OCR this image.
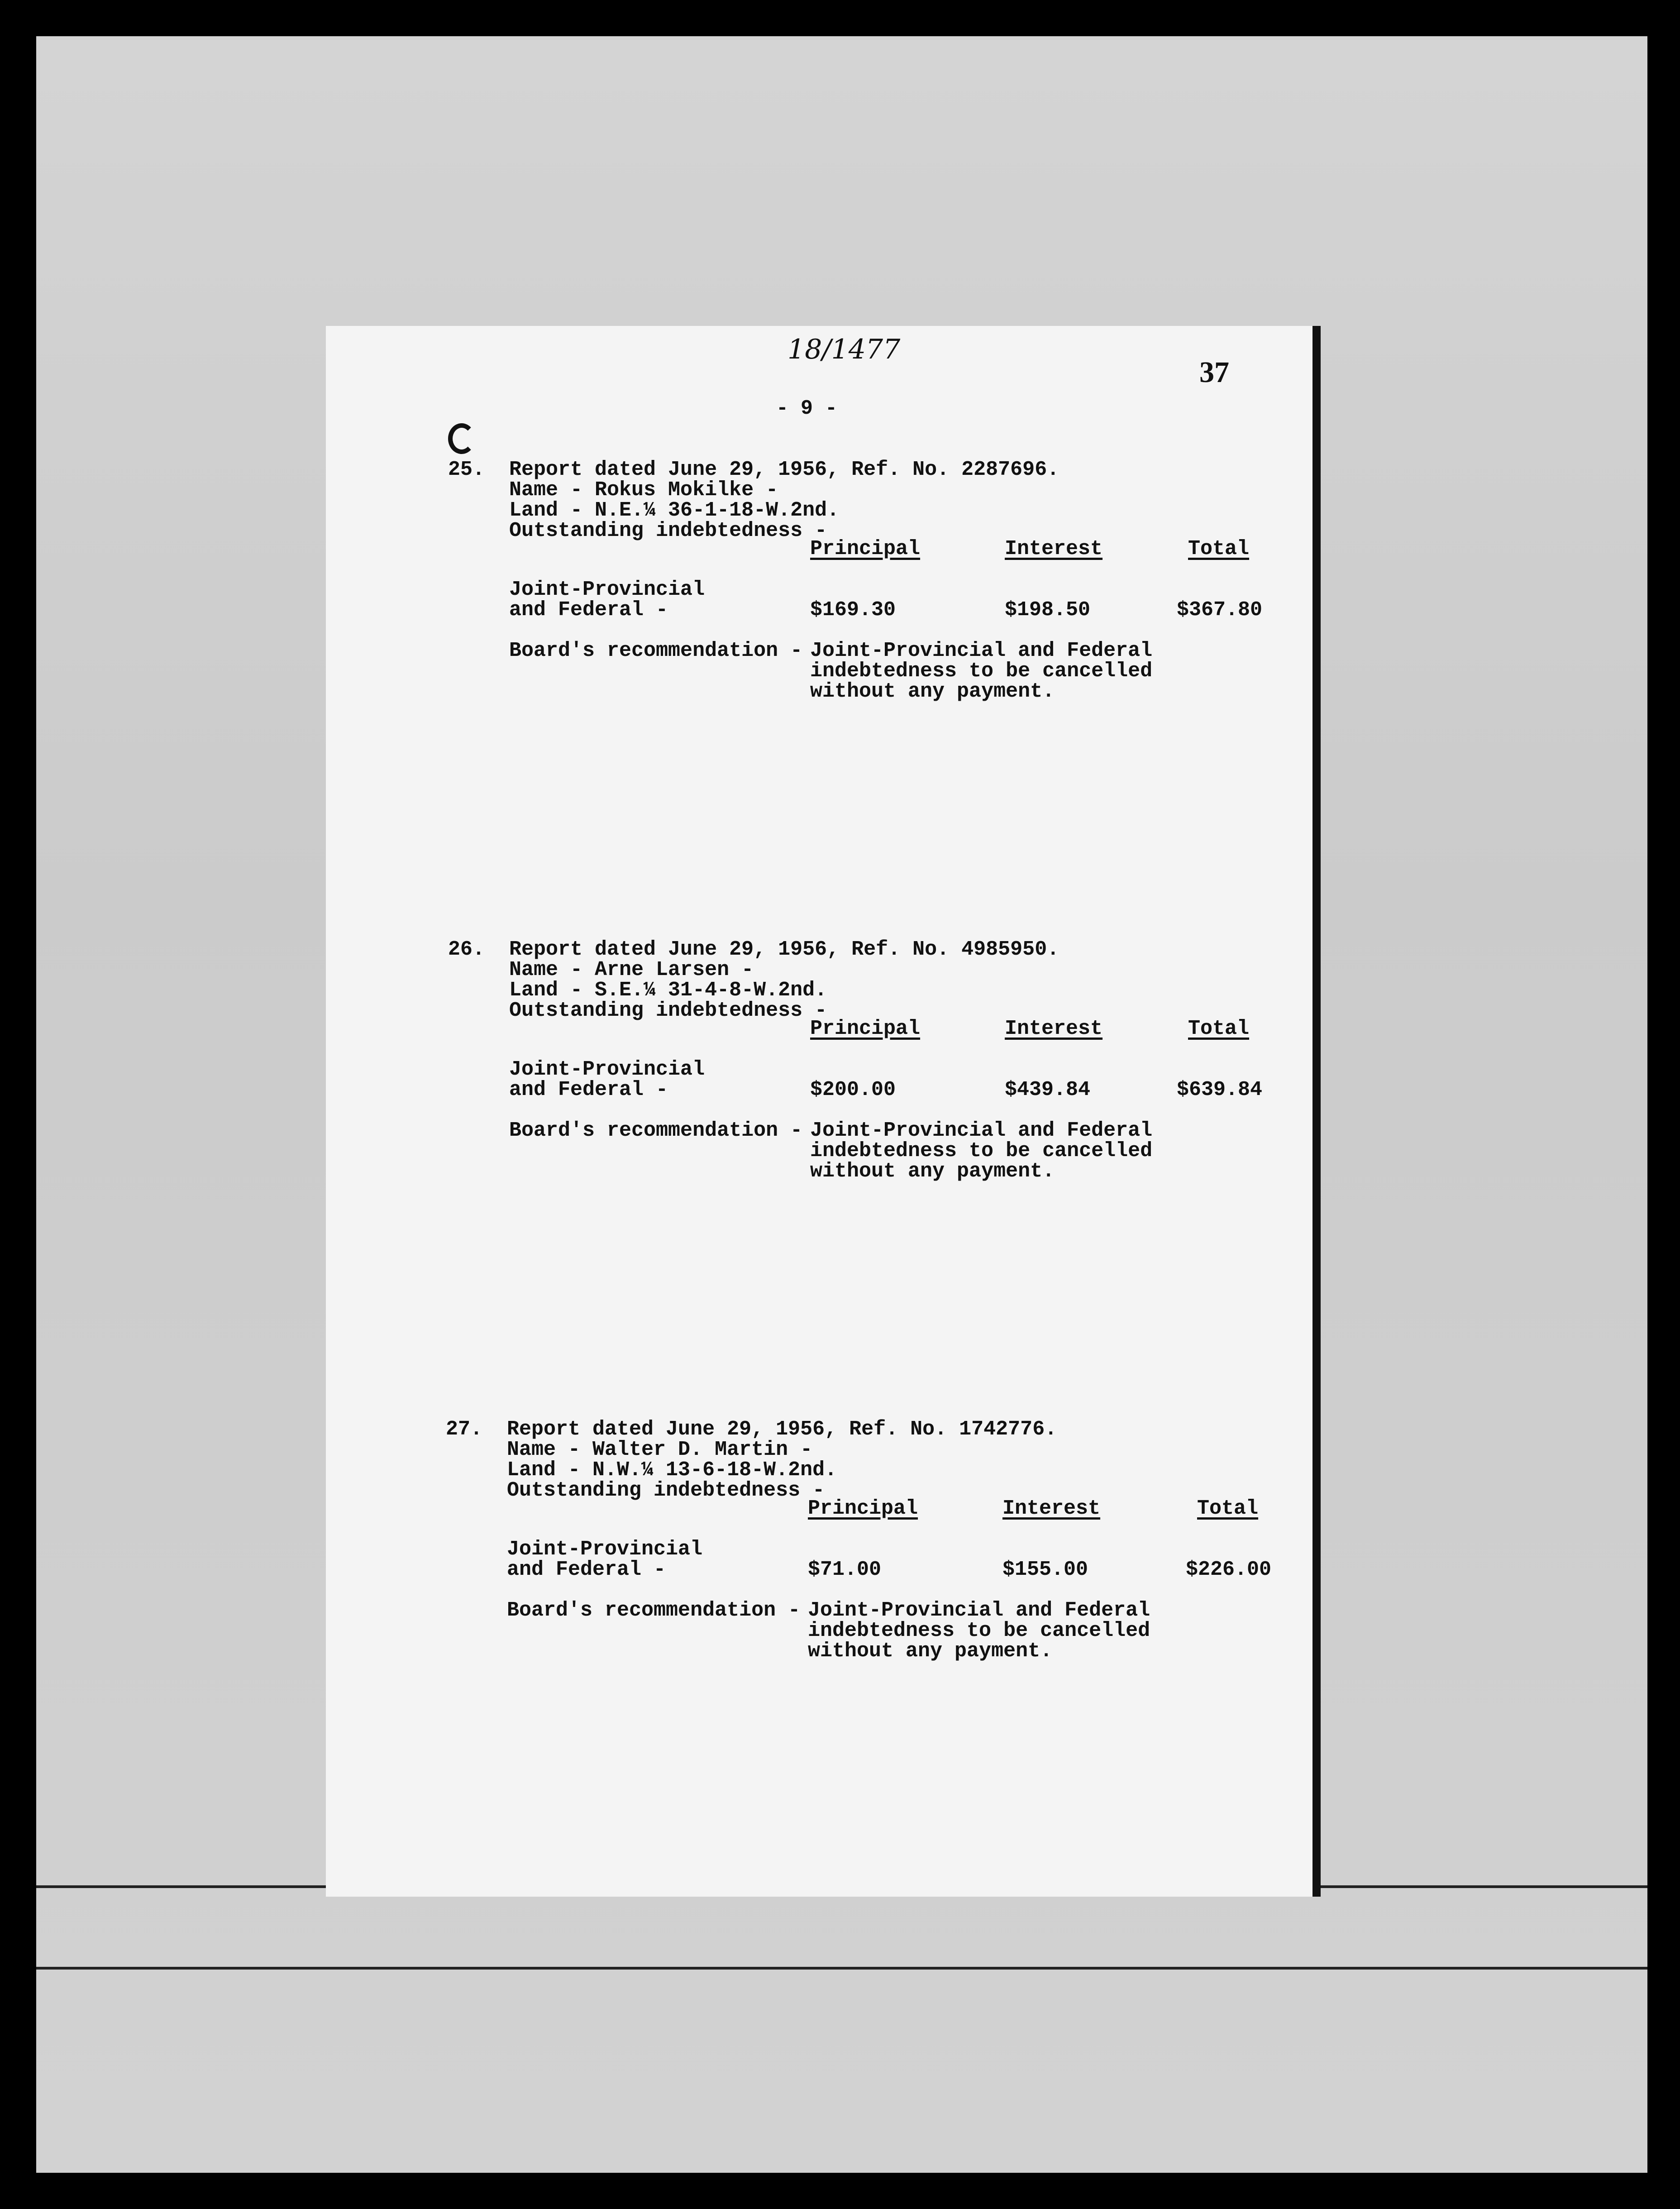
18/1477
37
- 9 -
25. Report dated June 29, 1956, Ref. No. 2287696.
Name - Rokus Mokilke -
Land - N.E.¼ 36-1-18-W.2nd.
Outstanding indebtedness -
Principal	Interest	Total
Joint-Provincial
and Federal -	$169.30	$198.50	$367.80
Board's recommendation - Joint-Provincial and Federal
indebtedness to be cancelled
without any payment.
26. Report dated June 29, 1956, Ref. No. 4985950.
Name - Arne Larsen -
Land - S.E.¼ 31-4-8-W.2nd.
Outstanding indebtedness -
Principal	Interest	Total
Joint-Provincial
and Federal -	$200.00	$439.84	$639.84
Board's recommendation - Joint-Provincial and Federal
indebtedness to be cancelled
without any payment.
27. Report dated June 29, 1956, Ref. No. 1742776.
Name - Walter D. Martin -
Land - N.W.¼ 13-6-18-W.2nd.
Outstanding indebtedness -
Principal	Interest	Total
Joint-Provincial
and Federal -	$71.00	$155.00	$226.00
Board's recommendation - Joint-Provincial and Federal
indebtedness to be cancelled
without any payment.
